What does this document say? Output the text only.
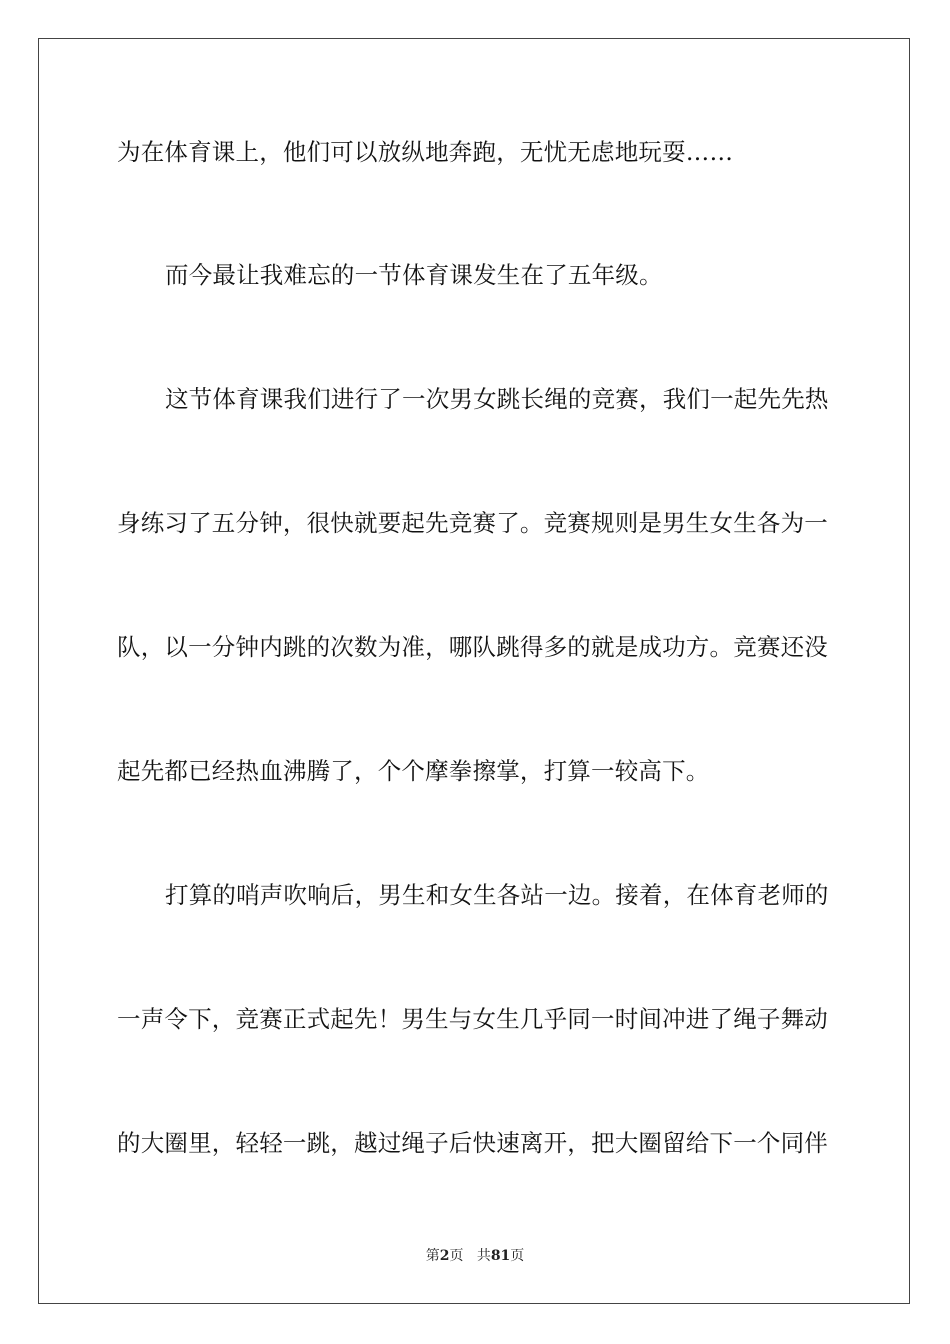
为在体育课上，他们可以放纵地奔跑，无忧无虑地玩耍……
而今最让我难忘的一节体育课发生在了五年级。
这节体育课我们进行了一次男女跳长绳的竞赛，我们一起先先热
身练习了五分钟，很快就要起先竞赛了。竞赛规则是男生女生各为一
队，以一分钟内跳的次数为准，哪队跳得多的就是成功方。竞赛还没
起先都已经热血沸腾了，个个摩拳擦掌，打算一较高下。
打算的哨声吹响后，男生和女生各站一边。接着，在体育老师的
一声令下，竞赛正式起先！男生与女生几乎同一时间冲进了绳子舞动
的大圈里，轻轻一跳，越过绳子后快速离开，把大圈留给下一个同伴
第2页 共81页
